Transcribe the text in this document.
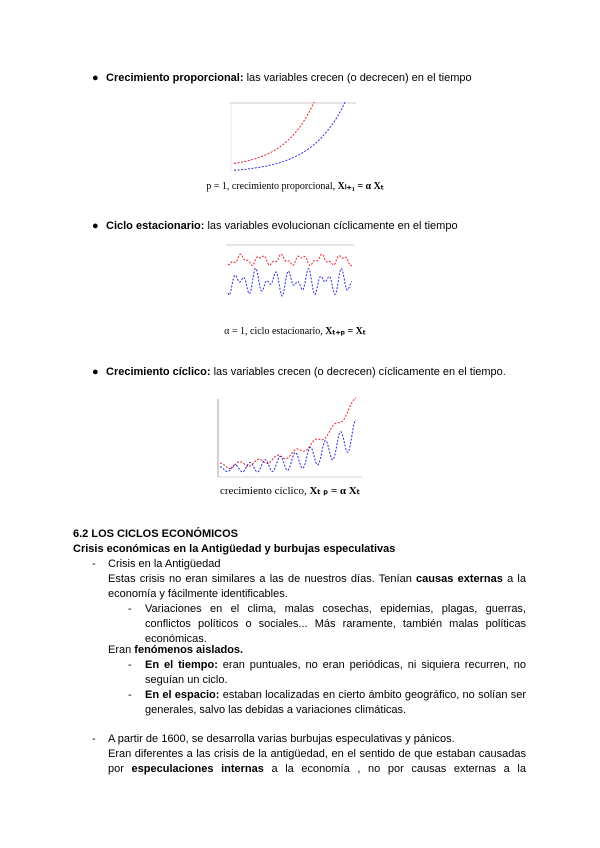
● Crecimiento proporcional: las variables crecen (o decrecen) en el tiempo
p = 1, crecimiento proporcional, Xₗ₊₁ = α Xₜ
● Ciclo estacionario: las variables evolucionan cíclicamente en el tiempo
α = 1, ciclo estacionario, Xₜ₊ₚ = Xₜ
● Crecimiento cíclico: las variables crecen (o decrecen) cíclicamente en el tiempo.
crecimiento cíclico, Xₜ ₚ = α Xₜ
6.2 LOS CICLOS ECONÓMICOS
Crisis económicas en la Antigüedad y burbujas especulativas
- Crisis en la Antigüedad
Estas crisis no eran similares a las de nuestros días. Tenían causas externas a la economía y fácilmente identificables.
- Variaciones en el clima, malas cosechas, epidemias, plagas, guerras, conflictos políticos o sociales... Más raramente, también malas políticas económicas.
Eran fenómenos aislados.
- En el tiempo: eran puntuales, no eran periódicas, ni siquiera recurren, no seguían un ciclo.
- En el espacio: estaban localizadas en cierto ámbito geográfico, no solían ser generales, salvo las debidas a variaciones climáticas.
- A partir de 1600, se desarrolla varias burbujas especulativas y pánicos.
Eran diferentes a las crisis de la antigüedad, en el sentido de que estaban causadas por especulaciones internas a la economía , no por causas externas a la
